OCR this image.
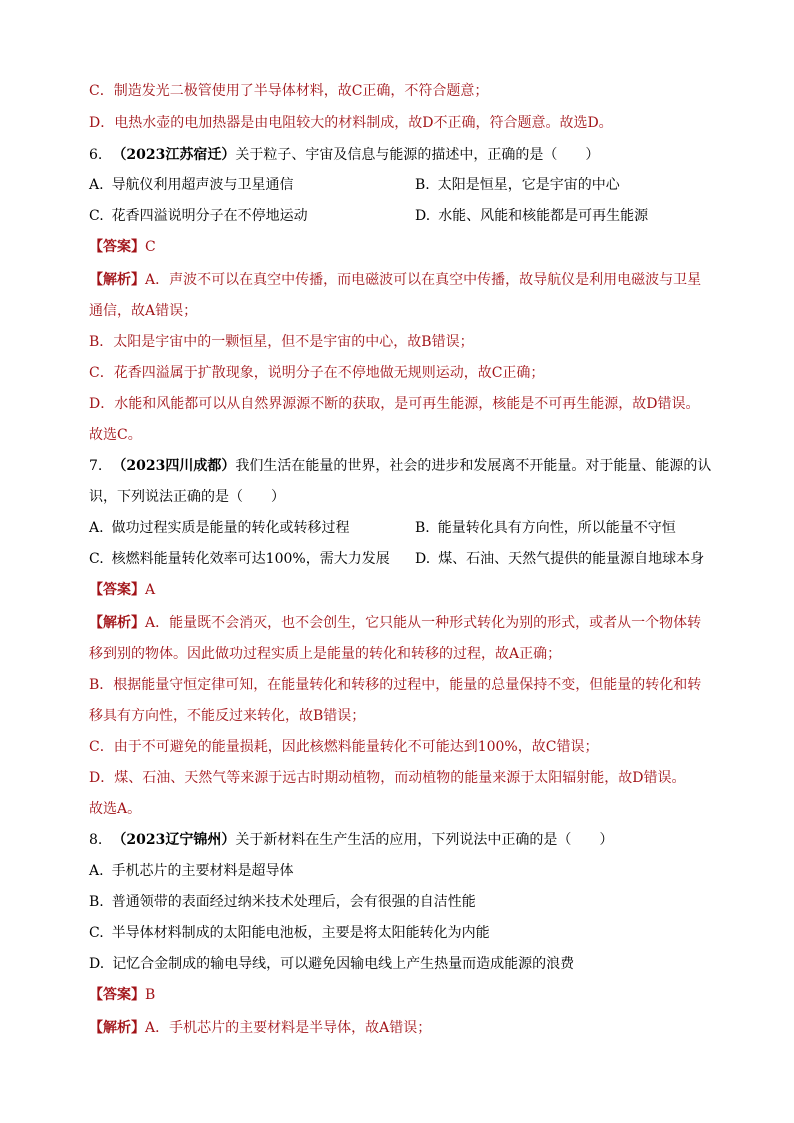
C．制造发光二极管使用了半导体材料，故C正确，不符合题意；
D．电热水壶的电加热器是由电阻较大的材料制成，故D不正确，符合题意。故选D。
6. （2023江苏宿迁）关于粒子、宇宙及信息与能源的描述中，正确的是（　　）
A. 导航仪利用超声波与卫星通信	B. 太阳是恒星，它是宇宙的中心
C. 花香四溢说明分子在不停地运动	D. 水能、风能和核能都是可再生能源
【答案】C
【解析】A．声波不可以在真空中传播，而电磁波可以在真空中传播，故导航仪是利用电磁波与卫星
通信，故A错误；
B．太阳是宇宙中的一颗恒星，但不是宇宙的中心，故B错误；
C．花香四溢属于扩散现象，说明分子在不停地做无规则运动，故C正确；
D．水能和风能都可以从自然界源源不断的获取，是可再生能源，核能是不可再生能源，故D错误。
故选C。
7. （2023四川成都）我们生活在能量的世界，社会的进步和发展离不开能量。对于能量、能源的认
识，下列说法正确的是（　　）
A. 做功过程实质是能量的转化或转移过程	B. 能量转化具有方向性，所以能量不守恒
C. 核燃料能量转化效率可达100%，需大力发展 D. 煤、石油、天然气提供的能量源自地球本身
【答案】A
【解析】A．能量既不会消灭，也不会创生，它只能从一种形式转化为别的形式，或者从一个物体转
移到别的物体。因此做功过程实质上是能量的转化和转移的过程，故A正确；
B．根据能量守恒定律可知，在能量转化和转移的过程中，能量的总量保持不变，但能量的转化和转
移具有方向性，不能反过来转化，故B错误；
C．由于不可避免的能量损耗，因此核燃料能量转化不可能达到100%，故C错误；
D．煤、石油、天然气等来源于远古时期动植物，而动植物的能量来源于太阳辐射能，故D错误。
故选A。
8. （2023辽宁锦州）关于新材料在生产生活的应用，下列说法中正确的是（　　）
A. 手机芯片的主要材料是超导体
B. 普通领带的表面经过纳米技术处理后，会有很强的自洁性能
C. 半导体材料制成的太阳能电池板，主要是将太阳能转化为内能
D. 记忆合金制成的输电导线，可以避免因输电线上产生热量而造成能源的浪费
【答案】B
【解析】A．手机芯片的主要材料是半导体，故A错误；
